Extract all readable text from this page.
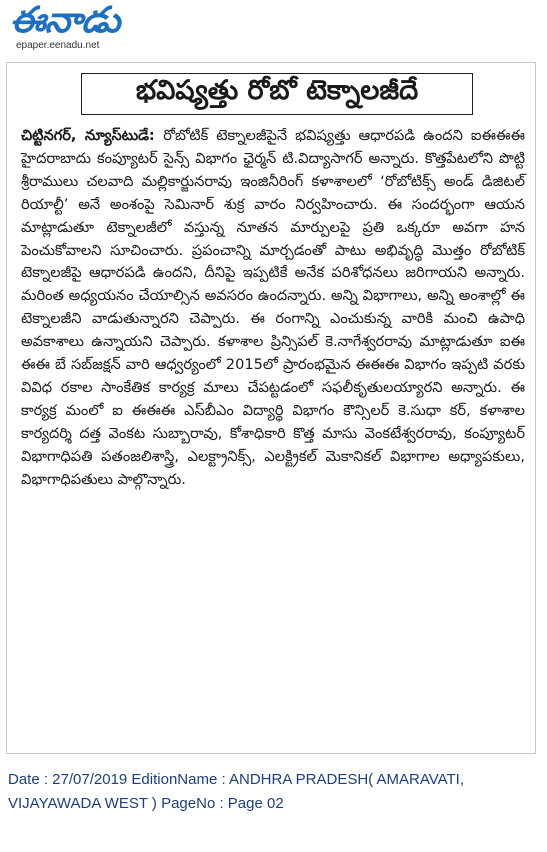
ఈనాడు
epaper.eenadu.net
భవిష్యత్తు రోబో టెక్నాలజీదే
చిట్టినగర్, న్యూస్‌టుడే: రోబోటిక్ టెక్నాలజీపైనే భవిష్యత్తు ఆధారపడి ఉందని ఐఈఈఈ హైదరాబాదు కంప్యూటర్ సైన్స్ విభాగం ఛైర్మన్ టి.విద్యాసాగర్ అన్నారు. కొత్తపేటలోని పొట్టి శ్రీరాములు చలవాది మల్లికార్జునరావు ఇంజినీరింగ్ కళాశాలలో ‘రోబోటిక్స్ అండ్ డిజిటల్ రియాల్టీ’ అనే అంశంపై సెమినార్ శుక్ర వారం నిర్వహించారు. ఈ సందర్భంగా ఆయన మాట్లాడుతూ టెక్నాలజీలో వస్తున్న నూతన మార్పులపై ప్రతి ఒక్కరూ అవగా హన పెంచుకోవాలని సూచించారు. ప్రపంచాన్ని మార్చడంతో పాటు అభివృద్ధి మొత్తం రోబోటిక్ టెక్నాలజీపై ఆధారపడి ఉందని, దీనిపై ఇప్పటికే అనేక పరిశోధనలు జరిగాయని అన్నారు. మరింత అధ్యయనం చేయాల్సిన అవసరం ఉందన్నారు. అన్ని విభాగాలు, అన్ని అంశాల్లో ఈ టెక్నాలజీని వాడుతున్నారని చెప్పారు. ఈ రంగాన్ని ఎంచుకున్న వారికి మంచి ఉపాధి అవకాశాలు ఉన్నాయని చెప్పారు. కళాశాల ప్రిన్సిపల్ కె.నాగేశ్వరరావు మాట్లాడుతూ ఐఈ ఈఈ బే సబ్‌జక్షన్ వారి ఆధ్వర్యంలో 2015లో ప్రారంభమైన ఈఈఈ విభాగం ఇప్పటి వరకు వివిధ రకాల సాంకేతిక కార్యక్ర మాలు చేపట్టడంలో సఫలీకృతులయ్యారని అన్నారు. ఈ కార్యక్ర మంలో ఐ ఈఈఈ ఎస్‌బీఎం విద్యార్థి విభాగం కౌన్సిలర్ కె.సుధా కర్, కళాశాల కార్యదర్శి దత్త వెంకట సుబ్బారావు, కోశాధికారి కొత్త మాసు వెంకటేశ్వరరావు, కంప్యూటర్ విభాగాధిపతి పతంజలిశాస్త్రి, ఎలక్ట్రానిక్స్, ఎలక్ట్రికల్ మెకానికల్ విభాగాల అధ్యాపకులు, విభాగాధిపతులు పాల్గొన్నారు.
Date : 27/07/2019 EditionName : ANDHRA PRADESH( AMARAVATI, VIJAYAWADA WEST ) PageNo : Page 02
